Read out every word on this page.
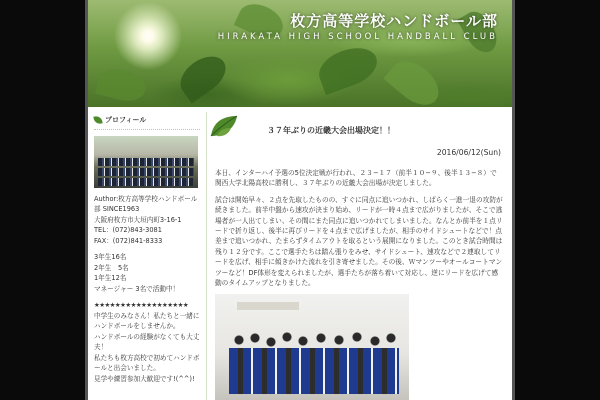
枚方高等学校ハンドボール部
HIRAKATA HIGH SCHOOL HANDBALL CLUB
プロフィール

Author:枚方高等学校ハンドボール部 SINCE1963

大阪府枚方市大垣内町3-16-1

TEL：(072)843-3081

FAX：(072)841-8333

3年生16名

2年生　5名

1年生12名

マネージャー 3名で活動中！

★★★★★★★★★★★★★★★★★★

中学生のみなさん！私たちと一緒にハンドボールをしませんか。

ハンドボールの経験がなくても大丈夫！

私たちも枚方高校で初めてハンドボールと出会いました。

見学や練習参加大歓迎です!(^^)!

３７年ぶりの近畿大会出場決定！！
2016/06/12(Sun)

本日、インターハイ予選の5位決定戦が行われ、２３−１７（前半１０−９、後半１３−８）で関西大学北陽高校に勝利し、３７年ぶりの近畿大会出場が決定しました。

試合は開始早々、２点を先取したものの、すぐに同点に追いつかれ、しばらく一進一退の攻防が続きました。前半中盤から速攻が決まり始め、リードが一時４点まで広がりましたが、そこで逃場者が一人出てしまい、その間にまた同点に追いつかれてしまいました。なんとか前半を１点リードで折り返し、後半に再びリードを４点まで広げましたが、相手のサイドシュートなどで！点差まで追いつかれ、たまらずタイムアウトを取るという展開になりました。このとき試合時間は残り１２分です。ここで選手たちは踏ん張りをみせ、サイドシュート、速攻などで２連取してリードを広げ、相手に傾きかけた流れを引き寄せました。その後、Ｗマンツーやオールコートマンツーなど！DF体形を変えられましたが、選手たちが落ち着いて対応し、逆にリードを広げて感動のタイムアップとなりました。
